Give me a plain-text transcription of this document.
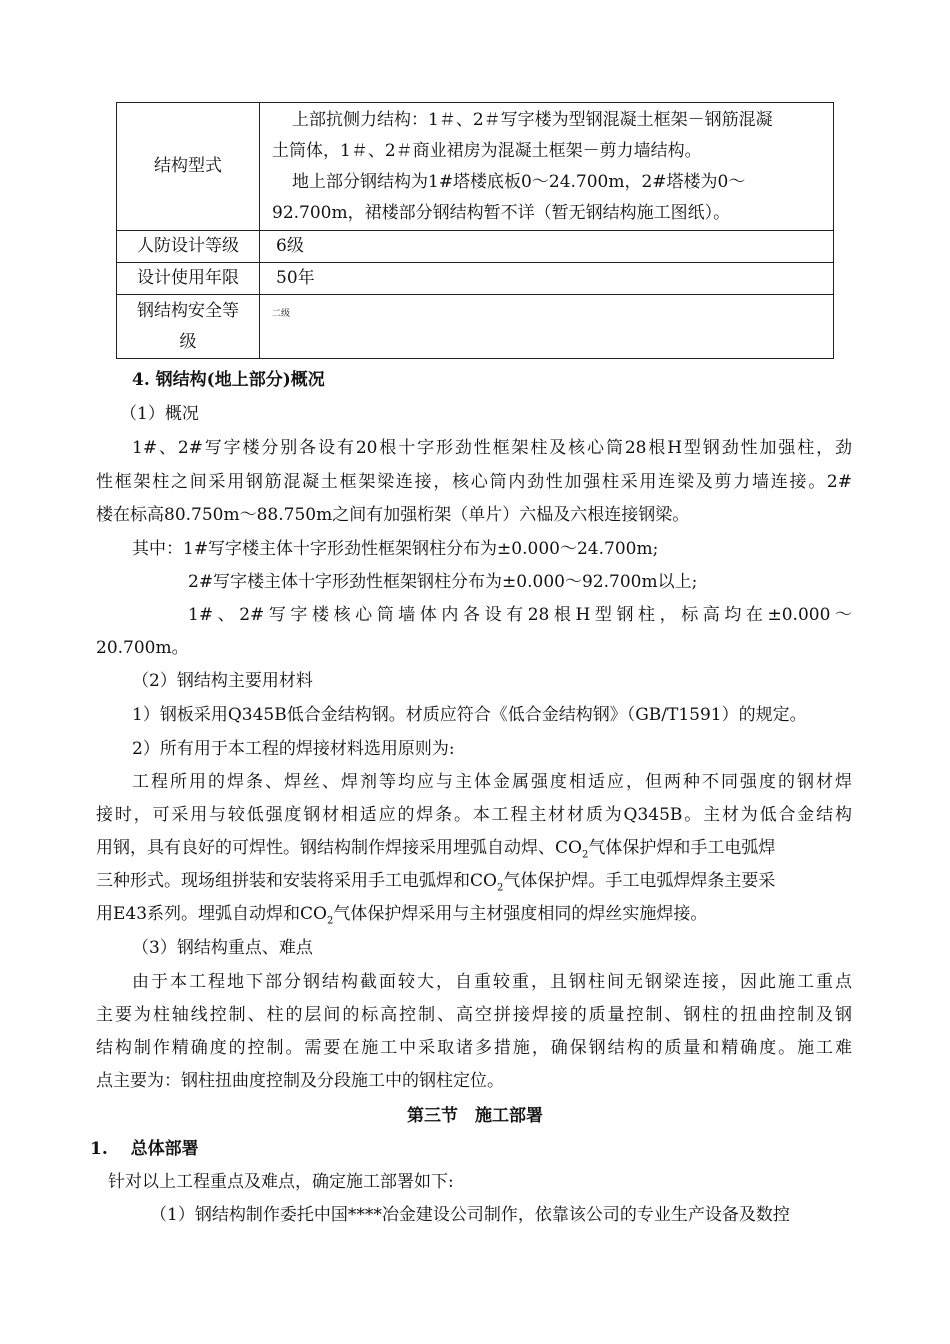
结构型式	上部抗侧力结构：1＃、2＃写字楼为型钢混凝土框架－钢筋混凝

土筒体，1＃、2＃商业裙房为混凝土框架－剪力墙结构。

地上部分钢结构为1#塔楼底板0～24.700m，2#塔楼为0～

92.700m，裙楼部分钢结构暂不详（暂无钢结构施工图纸）。

人防设计等级	6级
设计使用年限	50年

钢结构安全等
级	二级
4. 钢结构(地上部分)概况
（1）概况
1#、2#写字楼分别各设有20根十字形劲性框架柱及核心筒28根H型钢劲性加强柱，劲
性框架柱之间采用钢筋混凝土框架梁连接，核心筒内劲性加强柱采用连梁及剪力墙连接。2#
楼在标高80.750m～88.750m之间有加强桁架（单片）六榀及六根连接钢梁。
其中：1#写字楼主体十字形劲性框架钢柱分布为±0.000～24.700m;
2#写字楼主体十字形劲性框架钢柱分布为±0.000～92.700m以上;
1#、2#写字楼核心筒墙体内各设有28根H型钢柱，标高均在±0.000～
20.700m。
（2）钢结构主要用材料
1）钢板采用Q345B低合金结构钢。材质应符合《低合金结构钢》（GB/T1591）的规定。
2）所有用于本工程的焊接材料选用原则为:
工程所用的焊条、焊丝、焊剂等均应与主体金属强度相适应，但两种不同强度的钢材焊
接时，可采用与较低强度钢材相适应的焊条。本工程主材材质为Q345B。主材为低合金结构
用钢，具有良好的可焊性。钢结构制作焊接采用埋弧自动焊、$CO_2$气体保护焊和手工电弧焊
三种形式。现场组拼装和安装将采用手工电弧焊和$CO_2$气体保护焊。手工电弧焊焊条主要采
用E43系列。埋弧自动焊和$CO_2$气体保护焊采用与主材强度相同的焊丝实施焊接。
（3）钢结构重点、难点
由于本工程地下部分钢结构截面较大，自重较重，且钢柱间无钢梁连接，因此施工重点
主要为柱轴线控制、柱的层间的标高控制、高空拼接焊接的质量控制、钢柱的扭曲控制及钢
结构制作精确度的控制。需要在施工中采取诸多措施，确保钢结构的质量和精确度。施工难
点主要为：钢柱扭曲度控制及分段施工中的钢柱定位。
第三节　施工部署
1.　 总体部署
针对以上工程重点及难点，确定施工部署如下:
（1）钢结构制作委托中国****冶金建设公司制作，依靠该公司的专业生产设备及数控
